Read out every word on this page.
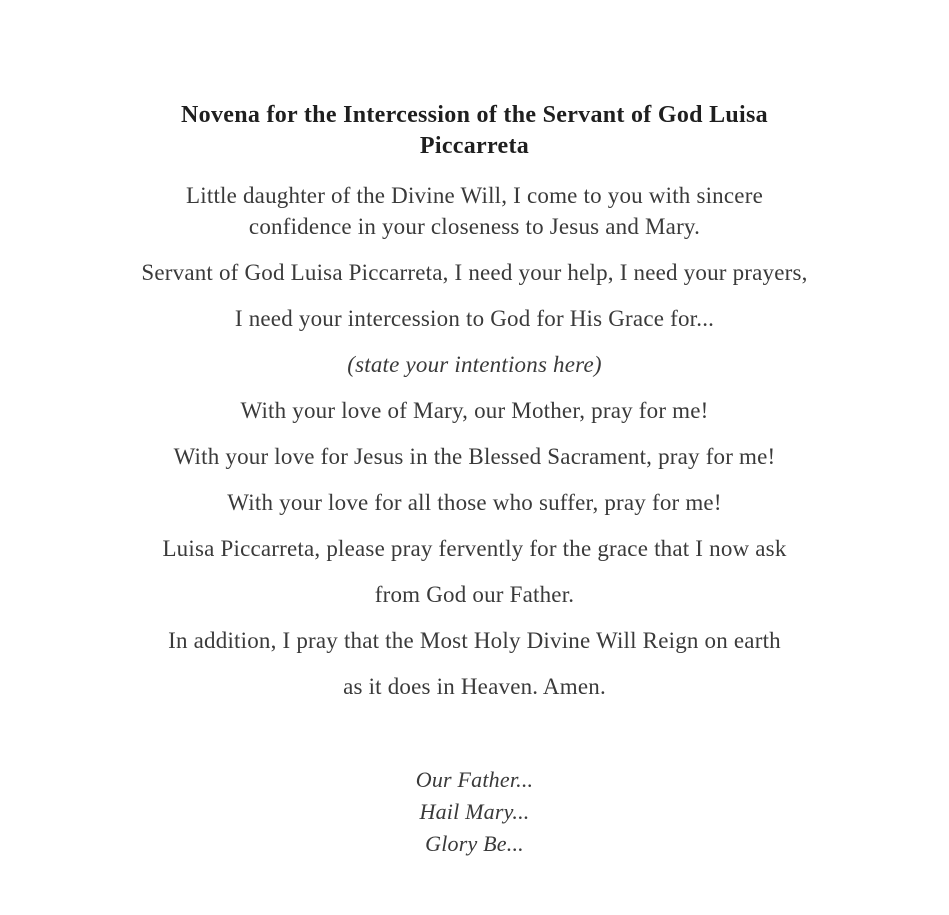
Novena for the Intercession of the Servant of God Luisa
Piccarreta
Little daughter of the Divine Will, I come to you with sincere
confidence in your closeness to Jesus and Mary.
Servant of God Luisa Piccarreta, I need your help, I need your prayers,
I need your intercession to God for His Grace for...
(state your intentions here)
With your love of Mary, our Mother, pray for me!
With your love for Jesus in the Blessed Sacrament, pray for me!
With your love for all those who suffer, pray for me!
Luisa Piccarreta, please pray fervently for the grace that I now ask
from God our Father.
In addition, I pray that the Most Holy Divine Will Reign on earth
as it does in Heaven. Amen.
Our Father...
Hail Mary...
Glory Be...
